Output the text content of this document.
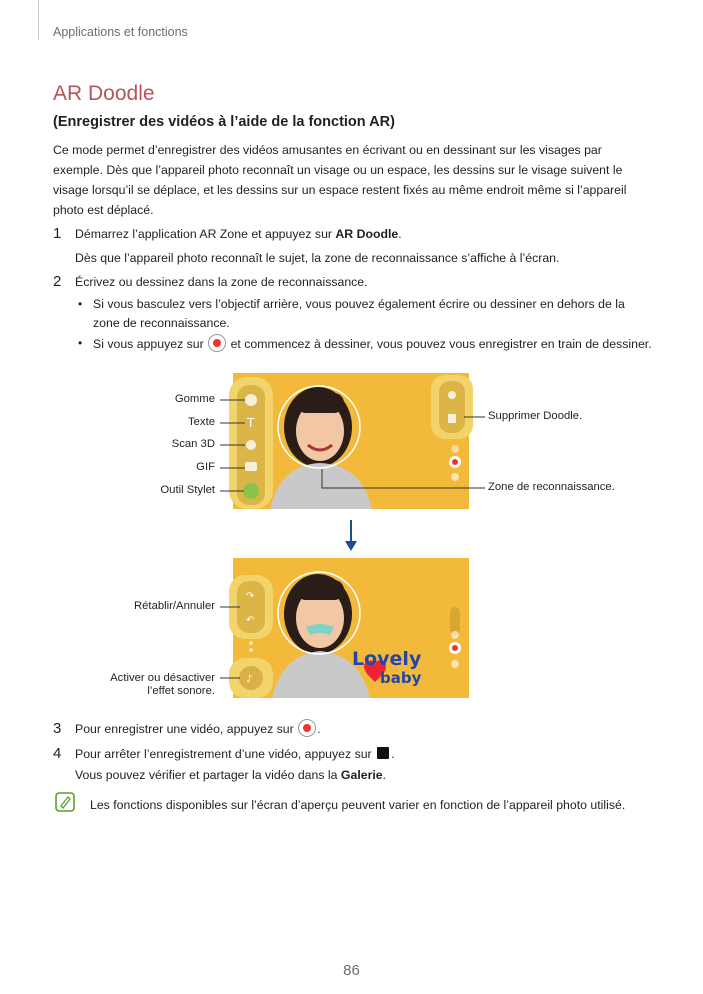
Applications et fonctions
AR Doodle
(Enregistrer des vidéos à l’aide de la fonction AR)
Ce mode permet d’enregistrer des vidéos amusantes en écrivant ou en dessinant sur les visages par
exemple. Dès que l’appareil photo reconnaît un visage ou un espace, les dessins sur le visage suivent le
visage lorsqu’il se déplace, et les dessins sur un espace restent fixés au même endroit même si l’appareil
photo est déplacé.
1 Démarrez l’application AR Zone et appuyez sur AR Doodle.
Dès que l’appareil photo reconnaît le sujet, la zone de reconnaissance s’affiche à l’écran.
2 Écrivez ou dessinez dans la zone de reconnaissance.
• Si vous basculez vers l’objectif arrière, vous pouvez également écrire ou dessiner en dehors de la
zone de reconnaissance.
• Si vous appuyez sur  et commencez à dessiner, vous pouvez vous enregistrer en train de dessiner.
T
Gomme
Texte
Scan 3D
GIF
Outil Stylet
Supprimer Doodle.
Zone de reconnaissance.
Lovely
baby
↷
↶
♪
Rétablir/Annuler
Activer ou désactiver
l’effet sonore.
3 Pour enregistrer une vidéo, appuyez sur .
4 Pour arrêter l’enregistrement d’une vidéo, appuyez sur .
Vous pouvez vérifier et partager la vidéo dans la Galerie.
Les fonctions disponibles sur l’écran d’aperçu peuvent varier en fonction de l’appareil photo utilisé.
86
